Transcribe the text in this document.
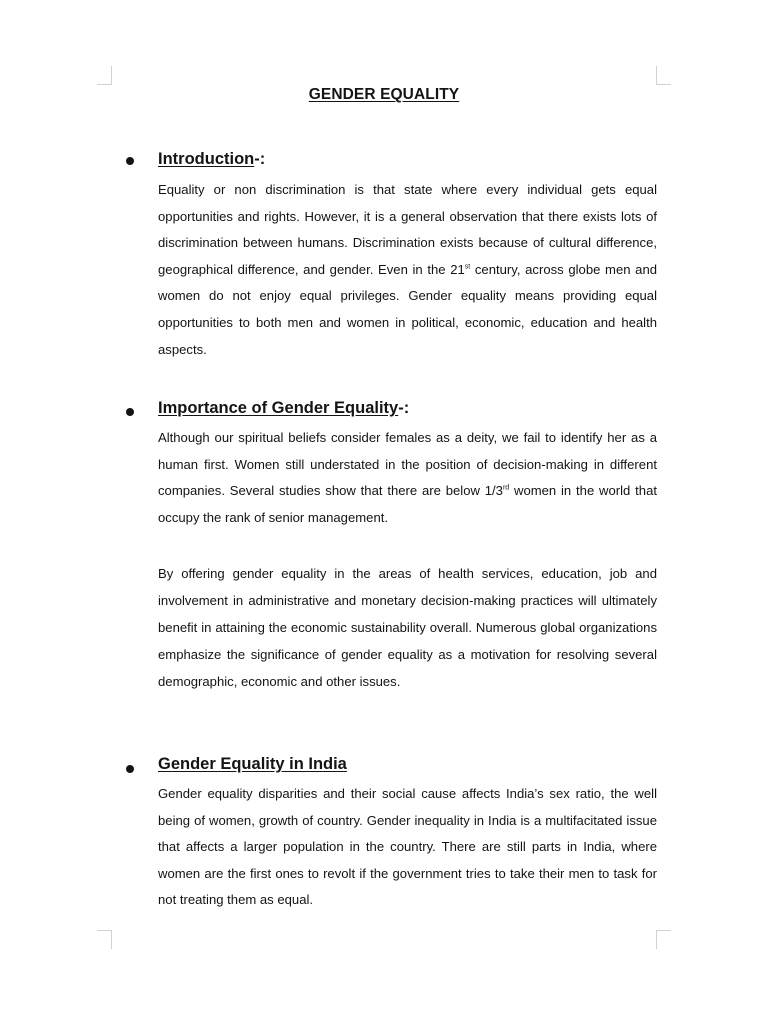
GENDER EQUALITY
Introduction-:

Equality or non discrimination is that state where every individual gets equal opportunities and rights. However, it is a general observation that there exists lots of discrimination between humans. Discrimination exists because of cultural difference, geographical difference, and gender. Even in the 21st century, across globe men and women do not enjoy equal privileges. Gender equality means providing equal opportunities to both men and women in political, economic, education and health aspects.

Importance of Gender Equality-:

Although our spiritual beliefs consider females as a deity, we fail to identify her as a human first. Women still understated in the position of decision-making in different companies. Several studies show that there are below 1/3rd women in the world that occupy the rank of senior management.

By offering gender equality in the areas of health services, education, job and involvement in administrative and monetary decision-making practices will ultimately benefit in attaining the economic sustainability overall. Numerous global organizations emphasize the significance of gender equality as a motivation for resolving several demographic, economic and other issues.

Gender Equality in India

Gender equality disparities and their social cause affects India’s sex ratio, the well being of women, growth of country. Gender inequality in India is a multifacitated issue that affects a larger population in the country. There are still parts in India, where women are the first ones to revolt if the government tries to take their men to task for not treating them as equal.
